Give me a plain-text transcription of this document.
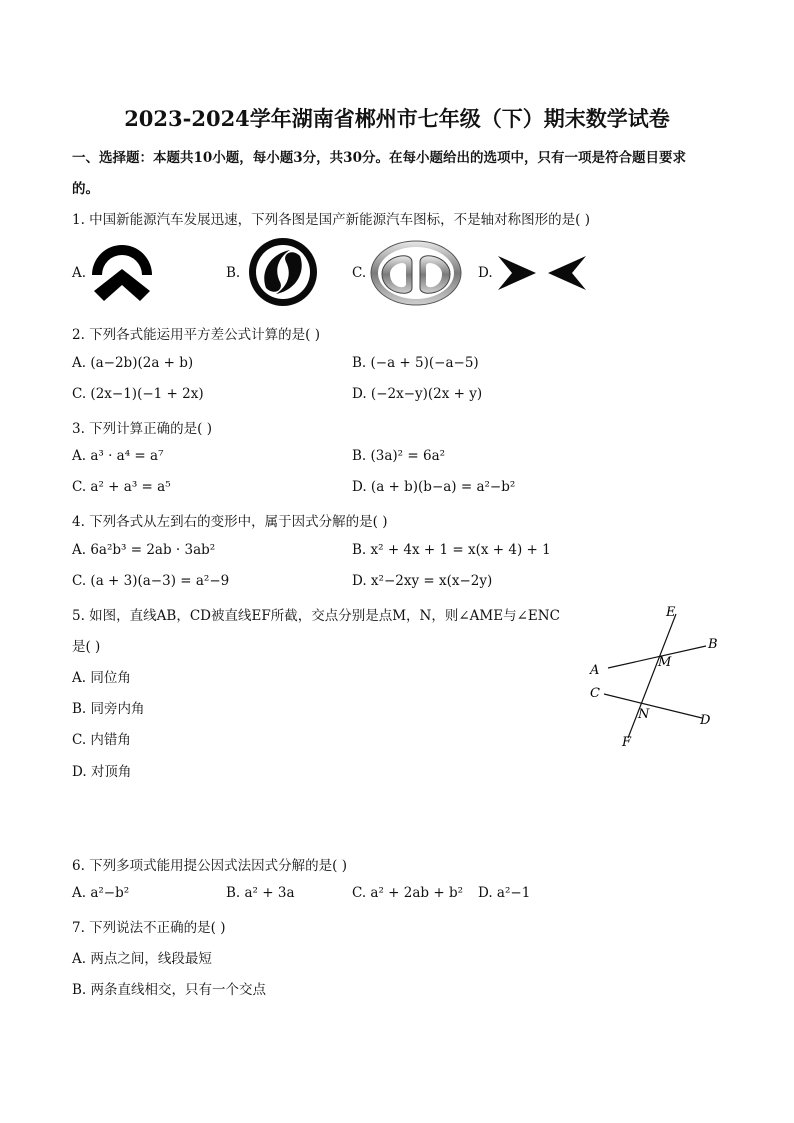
2023-2024学年湖南省郴州市七年级（下）期末数学试卷
一、选择题：本题共10小题，每小题3分，共30分。在每小题给出的选项中，只有一项是符合题目要求
的。
1. 中国新能源汽车发展迅速，下列各图是国产新能源汽车图标，不是轴对称图形的是( )
A.	B.	C.	D.
2. 下列各式能运用平方差公式计算的是( )
A. (a−2b)(2a + b)	B. (−a + 5)(−a−5)
C. (2x−1)(−1 + 2x)	D. (−2x−y)(2x + y)
3. 下列计算正确的是( )
A. a³ · a⁴ = a⁷	B. (3a)² = 6a²
C. a² + a³ = a⁵	D. (a + b)(b−a) = a²−b²
4. 下列各式从左到右的变形中，属于因式分解的是( )
A. 6a²b³ = 2ab · 3ab²	B. x² + 4x + 1 = x(x + 4) + 1
C. (a + 3)(a−3) = a²−9	D. x²−2xy = x(x−2y)
5. 如图，直线AB，CD被直线EF所截，交点分别是点M，N，则∠AME与∠ENC
是( )
A. 同位角
B. 同旁内角
C. 内错角
D. 对顶角
E
B
A
M
C
N	D
F
6. 下列多项式能用提公因式法因式分解的是( )
A. a²−b²	B. a² + 3a	C. a² + 2ab + b² D. a²−1
7. 下列说法不正确的是( )
A. 两点之间，线段最短
B. 两条直线相交，只有一个交点
